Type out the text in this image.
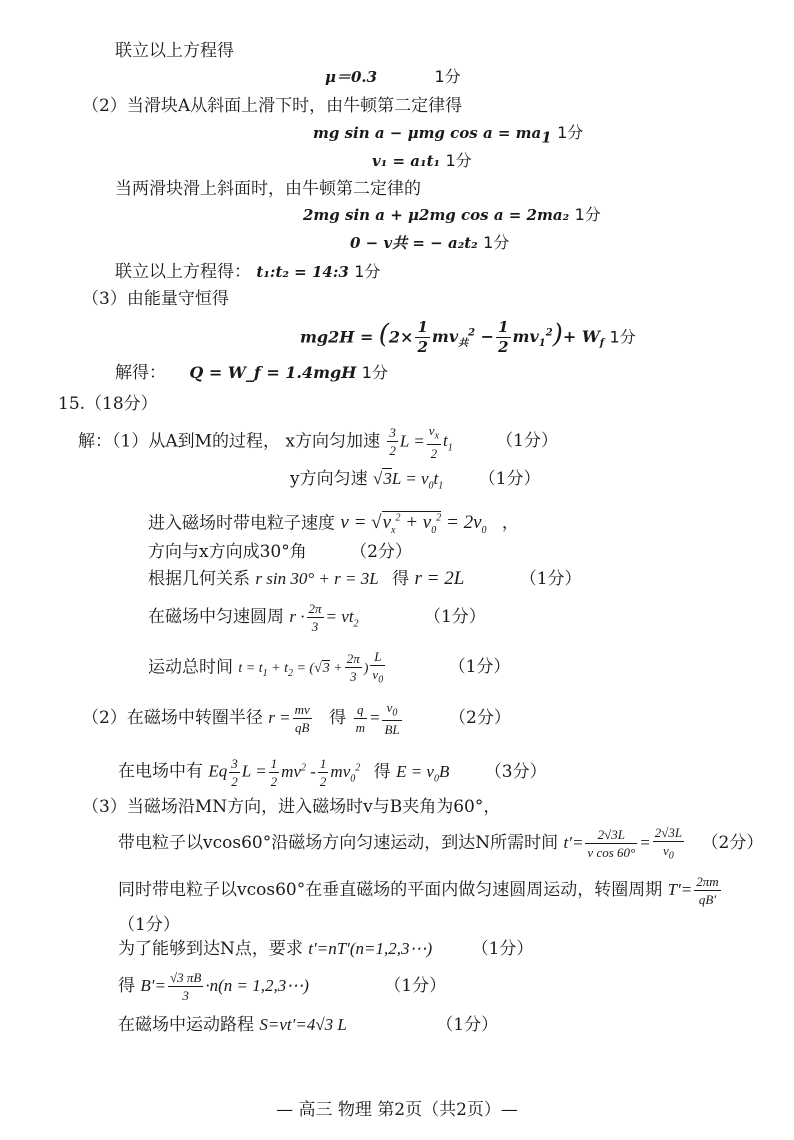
联立以上方程得
μ＝0.3	1分
（2）当滑块A从斜面上滑下时，由牛顿第二定律得
mg sin a − μmg $\cos a = ma_1$ 1分
v₁ = a₁t₁ 1分
当两滑块滑上斜面时，由牛顿第二定律的
2mg sin a + μ2mg cos a = 2ma₂ 1分
0 − v共 = − a₂t₂ 1分
联立以上方程得： t₁:t₂ = 14:3 1分
（3）由能量守恒得
$mg2H = (2\times \frac{1}{2} mv_共^2 - \frac{1}{2} mv_1^2)+ W_f$ 1分
解得： Q = W_f = 1.4mgH 1分
15.（18分）
解：（1）从A到M的过程， x方向匀加速 $\frac{3}{2}$ $L = \frac{v_x}{2} t_1$	（1分）
y方向匀速 $√3L = v_0t_1$ （1分）
进入磁场时带电粒子速度 $v = √v_x^2 + v_0^2 = 2v_0$ ，
方向与x方向成30°角	（2分）
根据几何关系 r sin 30° + r = 3L 得 r = 2L	（1分）
在磁场中匀速圆周 $r \cdot \frac{2\pi}{3} = vt_2$	（1分）
运动总时间 $t = t_1 + t_2 = (√3 + \frac{2\pi}{3}$ ) $\frac{L}{v_0}$	（1分）
（2）在磁场中转圈半径 $r = \frac{mv}{qB}$ 得 $\frac{q}{m} = \frac{v_0}{BL}$	（2分）
在电场中有 Eq $\frac{3}{2}$ $L = \frac{1}{2} mv^2 - \frac{1}{2} mv_0^2$ 得 $E = v_0B$ （3分）
（3）当磁场沿MN方向，进入磁场时v与B夹角为60°，
带电粒子以vcos60°沿磁场方向匀速运动，到达N所需时间 $t'= \frac{2√3L}{\text{v cos 60°}} = \frac{2√3L}{v_0} (2$分）
同时带电粒子以vcos60°在垂直磁场的平面内做匀速圆周运动，转圈周期 $T'= \frac{2\pi m}{qB'}$
（1分）
为了能够到达N点，要求 t′=nT′(n=1,2,3⋯) （1分）
得 $B'= \frac{√3 \pi B}{3} \cdot n(n$ = 1,2,3⋯)	（1分）
在磁场中运动路程 S=vt′=4√3 L	（1分）
— 高三 物理 第2页（共2页）—
